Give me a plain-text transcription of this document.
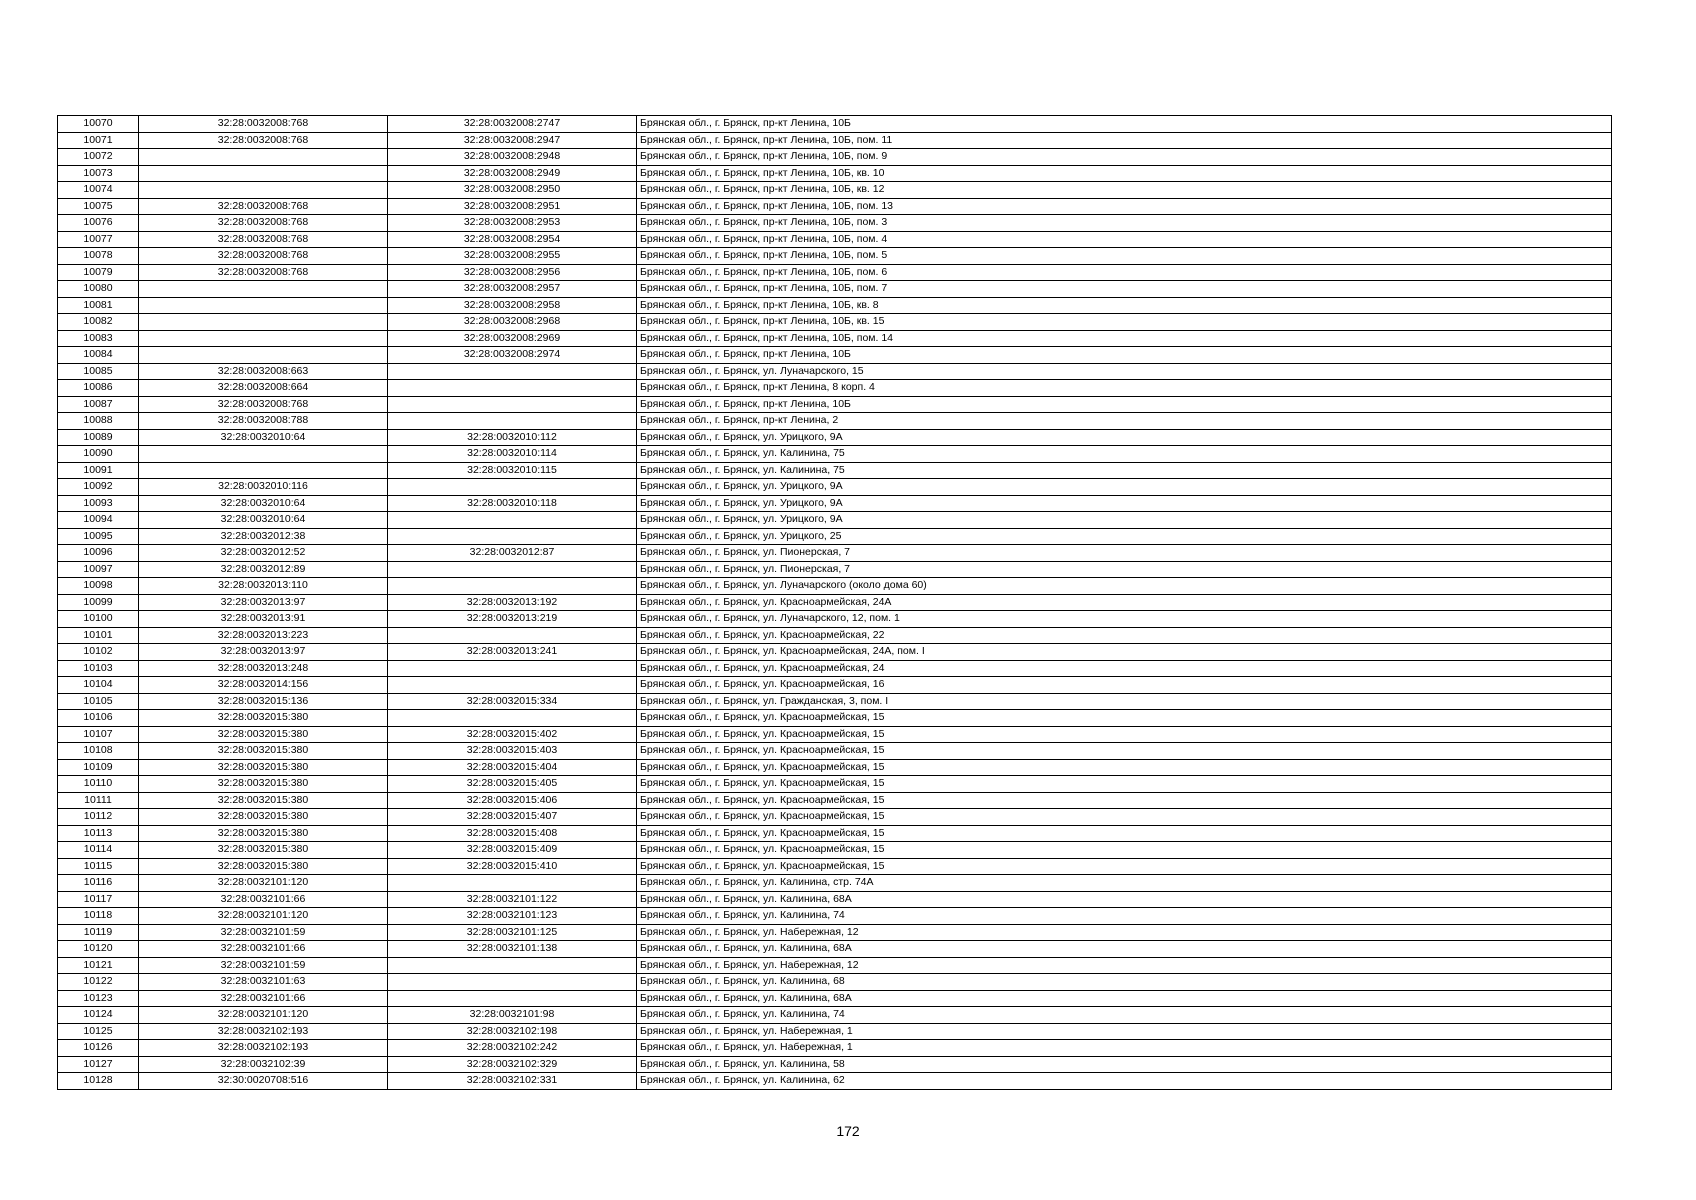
10070	32:28:0032008:768	32:28:0032008:2747	Брянская обл., г. Брянск, пр-кт Ленина, 10Б
10071	32:28:0032008:768	32:28:0032008:2947	Брянская обл., г. Брянск, пр-кт Ленина, 10Б, пом. 11
10072		32:28:0032008:2948	Брянская обл., г. Брянск, пр-кт Ленина, 10Б, пом. 9
10073		32:28:0032008:2949	Брянская обл., г. Брянск, пр-кт Ленина, 10Б, кв. 10
10074		32:28:0032008:2950	Брянская обл., г. Брянск, пр-кт Ленина, 10Б, кв. 12
10075	32:28:0032008:768	32:28:0032008:2951	Брянская обл., г. Брянск, пр-кт Ленина, 10Б, пом. 13
10076	32:28:0032008:768	32:28:0032008:2953	Брянская обл., г. Брянск, пр-кт Ленина, 10Б, пом. 3
10077	32:28:0032008:768	32:28:0032008:2954	Брянская обл., г. Брянск, пр-кт Ленина, 10Б, пом. 4
10078	32:28:0032008:768	32:28:0032008:2955	Брянская обл., г. Брянск, пр-кт Ленина, 10Б, пом. 5
10079	32:28:0032008:768	32:28:0032008:2956	Брянская обл., г. Брянск, пр-кт Ленина, 10Б, пом. 6
10080		32:28:0032008:2957	Брянская обл., г. Брянск, пр-кт Ленина, 10Б, пом. 7
10081		32:28:0032008:2958	Брянская обл., г. Брянск, пр-кт Ленина, 10Б, кв. 8
10082		32:28:0032008:2968	Брянская обл., г. Брянск, пр-кт Ленина, 10Б, кв. 15
10083		32:28:0032008:2969	Брянская обл., г. Брянск, пр-кт Ленина, 10Б, пом. 14
10084		32:28:0032008:2974	Брянская обл., г. Брянск, пр-кт Ленина, 10Б
10085	32:28:0032008:663		Брянская обл., г. Брянск, ул. Луначарского, 15
10086	32:28:0032008:664		Брянская обл., г. Брянск, пр-кт Ленина, 8 корп. 4
10087	32:28:0032008:768		Брянская обл., г. Брянск, пр-кт Ленина, 10Б
10088	32:28:0032008:788		Брянская обл., г. Брянск, пр-кт Ленина, 2
10089	32:28:0032010:64	32:28:0032010:112	Брянская обл., г. Брянск, ул. Урицкого, 9А
10090		32:28:0032010:114	Брянская обл., г. Брянск, ул. Калинина, 75
10091		32:28:0032010:115	Брянская обл., г. Брянск, ул. Калинина, 75
10092	32:28:0032010:116		Брянская обл., г. Брянск, ул. Урицкого, 9А
10093	32:28:0032010:64	32:28:0032010:118	Брянская обл., г. Брянск, ул. Урицкого, 9А
10094	32:28:0032010:64		Брянская обл., г. Брянск, ул. Урицкого, 9А
10095	32:28:0032012:38		Брянская обл., г. Брянск, ул. Урицкого, 25
10096	32:28:0032012:52	32:28:0032012:87	Брянская обл., г. Брянск, ул. Пионерская, 7
10097	32:28:0032012:89		Брянская обл., г. Брянск, ул. Пионерская, 7
10098	32:28:0032013:110		Брянская обл., г. Брянск, ул. Луначарского (около дома 60)
10099	32:28:0032013:97	32:28:0032013:192	Брянская обл., г. Брянск, ул. Красноармейская, 24А
10100	32:28:0032013:91	32:28:0032013:219	Брянская обл., г. Брянск, ул. Луначарского, 12, пом. 1
10101	32:28:0032013:223		Брянская обл., г. Брянск, ул. Красноармейская, 22
10102	32:28:0032013:97	32:28:0032013:241	Брянская обл., г. Брянск, ул. Красноармейская, 24А, пом. I
10103	32:28:0032013:248		Брянская обл., г. Брянск, ул. Красноармейская, 24
10104	32:28:0032014:156		Брянская обл., г. Брянск, ул. Красноармейская, 16
10105	32:28:0032015:136	32:28:0032015:334	Брянская обл., г. Брянск, ул. Гражданская, 3, пом. I
10106	32:28:0032015:380		Брянская обл., г. Брянск, ул. Красноармейская, 15
10107	32:28:0032015:380	32:28:0032015:402	Брянская обл., г. Брянск, ул. Красноармейская, 15
10108	32:28:0032015:380	32:28:0032015:403	Брянская обл., г. Брянск, ул. Красноармейская, 15
10109	32:28:0032015:380	32:28:0032015:404	Брянская обл., г. Брянск, ул. Красноармейская, 15
10110	32:28:0032015:380	32:28:0032015:405	Брянская обл., г. Брянск, ул. Красноармейская, 15
10111	32:28:0032015:380	32:28:0032015:406	Брянская обл., г. Брянск, ул. Красноармейская, 15
10112	32:28:0032015:380	32:28:0032015:407	Брянская обл., г. Брянск, ул. Красноармейская, 15
10113	32:28:0032015:380	32:28:0032015:408	Брянская обл., г. Брянск, ул. Красноармейская, 15
10114	32:28:0032015:380	32:28:0032015:409	Брянская обл., г. Брянск, ул. Красноармейская, 15
10115	32:28:0032015:380	32:28:0032015:410	Брянская обл., г. Брянск, ул. Красноармейская, 15
10116	32:28:0032101:120		Брянская обл., г. Брянск, ул. Калинина, стр. 74А
10117	32:28:0032101:66	32:28:0032101:122	Брянская обл., г. Брянск, ул. Калинина, 68А
10118	32:28:0032101:120	32:28:0032101:123	Брянская обл., г. Брянск, ул. Калинина, 74
10119	32:28:0032101:59	32:28:0032101:125	Брянская обл., г. Брянск, ул. Набережная, 12
10120	32:28:0032101:66	32:28:0032101:138	Брянская обл., г. Брянск, ул. Калинина, 68А
10121	32:28:0032101:59		Брянская обл., г. Брянск, ул. Набережная, 12
10122	32:28:0032101:63		Брянская обл., г. Брянск, ул. Калинина, 68
10123	32:28:0032101:66		Брянская обл., г. Брянск, ул. Калинина, 68А
10124	32:28:0032101:120	32:28:0032101:98	Брянская обл., г. Брянск, ул. Калинина, 74
10125	32:28:0032102:193	32:28:0032102:198	Брянская обл., г. Брянск, ул. Набережная, 1
10126	32:28:0032102:193	32:28:0032102:242	Брянская обл., г. Брянск, ул. Набережная, 1
10127	32:28:0032102:39	32:28:0032102:329	Брянская обл., г. Брянск, ул. Калинина, 58
10128	32:30:0020708:516	32:28:0032102:331	Брянская обл., г. Брянск, ул. Калинина, 62
172
